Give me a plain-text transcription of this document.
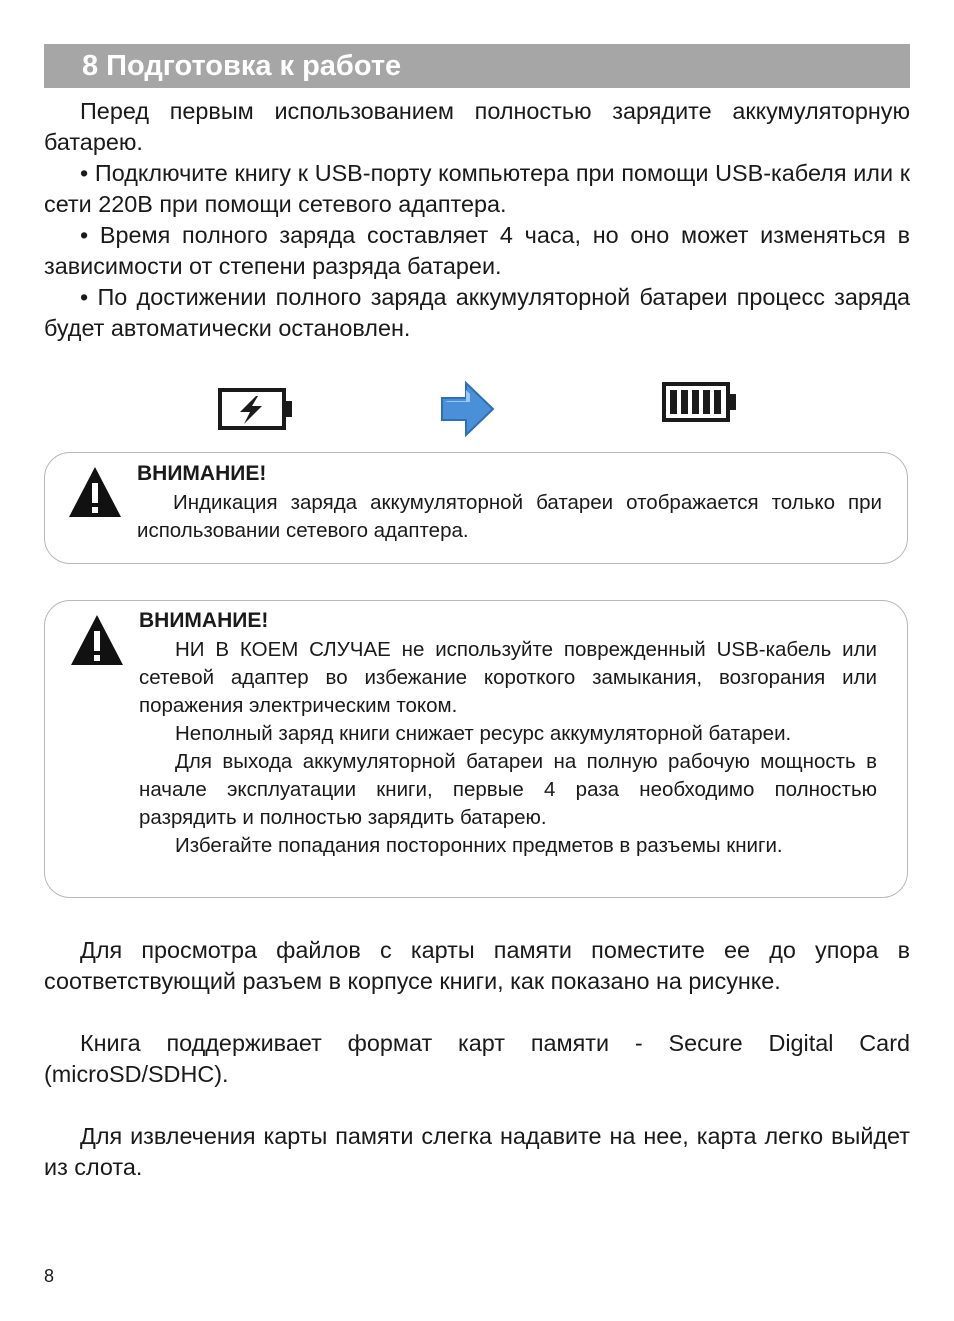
8 Подготовка к работе

Перед первым использованием полностью зарядите аккумуляторную батарею.

• Подключите книгу к USB-порту компьютера при помощи USB-кабеля или к сети 220В при помощи сетевого адаптера.

• Время полного заряда составляет 4 часа, но оно может изменяться в зависимости от степени разряда батареи.

• По достижении полного заряда аккумуляторной батареи процесс заряда будет автоматически остановлен.

ВНИМАНИЕ!

Индикация заряда аккумуляторной батареи отображается только при использовании сетевого адаптера.

ВНИМАНИЕ!

НИ В КОЕМ СЛУЧАЕ не используйте поврежденный USB-кабель или сетевой адаптер во избежание короткого замыкания, возгорания или поражения электрическим током.

Неполный заряд книги снижает ресурс аккумуляторной батареи.

Для выхода аккумуляторной батареи на полную рабочую мощность в начале эксплуатации книги, первые 4 раза необходимо полностью разрядить и полностью зарядить батарею.

Избегайте попадания посторонних предметов в разъемы книги.

Для просмотра файлов с карты памяти поместите ее до упора в соответствующий разъем в корпусе книги, как показано на рисунке.

Книга поддерживает формат карт памяти - Secure Digital Card (microSD/SDHC).

Для извлечения карты памяти слегка надавите на нее, карта легко выйдет из слота.

8
